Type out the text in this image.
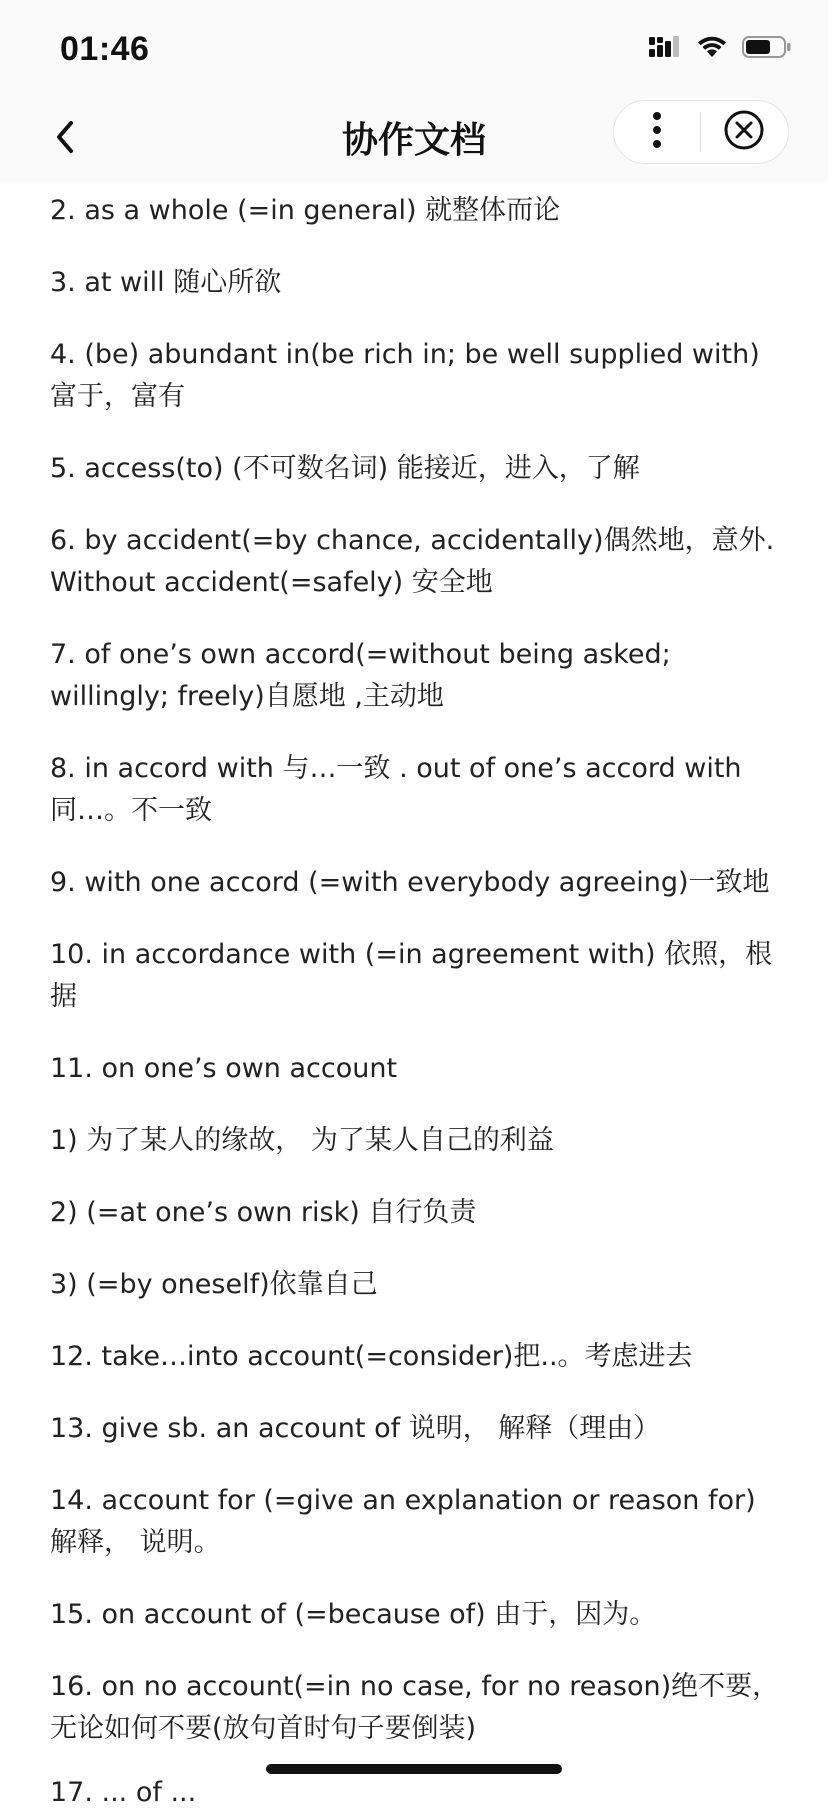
01:46
协作文档

2. as a whole (=in general) 就整体而论

3. at will 随心所欲

4. (be) abundant in(be rich in; be well supplied with) 富于，富有

5. access(to) (不可数名词) 能接近，进入，了解

6. by accident(=by chance, accidentally)偶然地，意外. Without accident(=safely) 安全地

7. of one’s own accord(=without being asked; willingly; freely)自愿地 ,主动地

8. in accord with 与…一致 . out of one’s accord with 同…。不一致

9. with one accord (=with everybody agreeing)一致地

10. in accordance with (=in agreement with) 依照，根据

11. on one’s own account

1) 为了某人的缘故， 为了某人自己的利益

2) (=at one’s own risk) 自行负责

3) (=by oneself)依靠自己

12. take…into account(=consider)把..。考虑进去

13. give sb. an account of 说明， 解释（理由）

14. account for (=give an explanation or reason for) 解释， 说明。

15. on account of (=because of) 由于，因为。

16. on no account(=in no case, for no reason)绝不要，无论如何不要(放句首时句子要倒装)

17. ... of ...
